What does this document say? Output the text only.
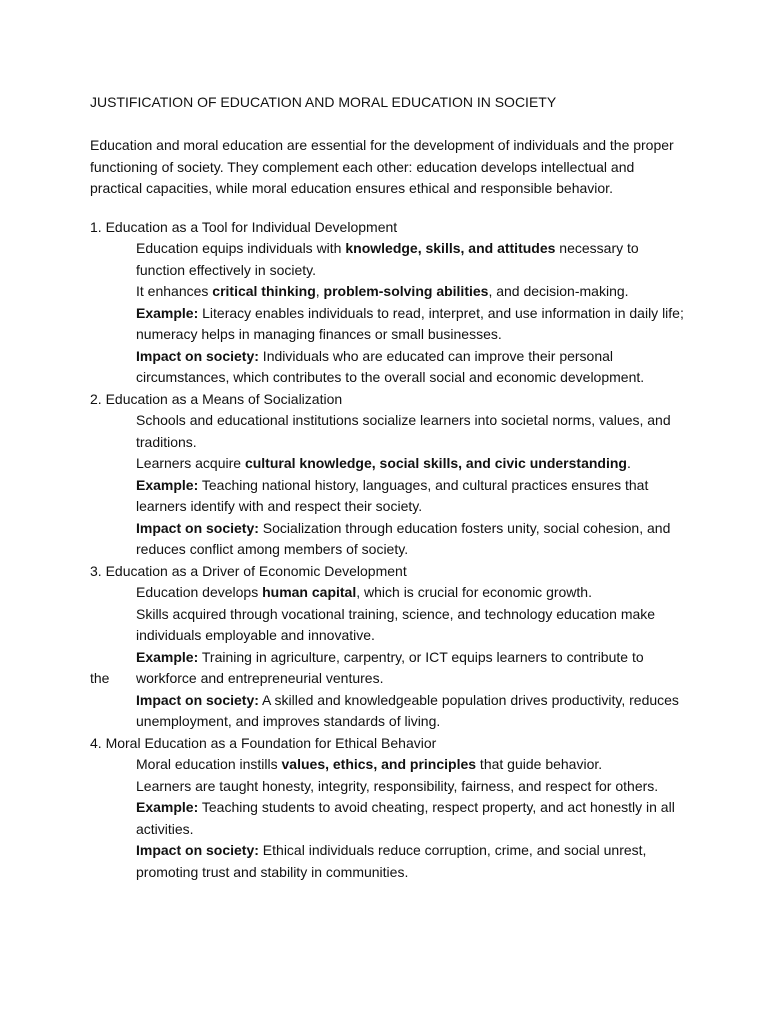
JUSTIFICATION OF EDUCATION AND MORAL EDUCATION IN SOCIETY

Education and moral education are essential for the development of individuals and the proper functioning of society. They complement each other: education develops intellectual and practical capacities, while moral education ensures ethical and responsible behavior.

1. Education as a Tool for Individual Development

Education equips individuals with knowledge, skills, and attitudes necessary to function effectively in society.

It enhances critical thinking, problem-solving abilities, and decision-making.

Example: Literacy enables individuals to read, interpret, and use information in daily life; numeracy helps in managing finances or small businesses.

Impact on society: Individuals who are educated can improve their personal circumstances, which contributes to the overall social and economic development.

2. Education as a Means of Socialization

Schools and educational institutions socialize learners into societal norms, values, and traditions.

Learners acquire cultural knowledge, social skills, and civic understanding.

Example: Teaching national history, languages, and cultural practices ensures that learners identify with and respect their society.

Impact on society: Socialization through education fosters unity, social cohesion, and reduces conflict among members of society.

3. Education as a Driver of Economic Development

Education develops human capital, which is crucial for economic growth.

Skills acquired through vocational training, science, and technology education make individuals employable and innovative.

Example: Training in agriculture, carpentry, or ICT equips learners to contribute to

the workforce and entrepreneurial ventures.

Impact on society: A skilled and knowledgeable population drives productivity, reduces unemployment, and improves standards of living.

4. Moral Education as a Foundation for Ethical Behavior

Moral education instills values, ethics, and principles that guide behavior.

Learners are taught honesty, integrity, responsibility, fairness, and respect for others.

Example: Teaching students to avoid cheating, respect property, and act honestly in all activities.

Impact on society: Ethical individuals reduce corruption, crime, and social unrest, promoting trust and stability in communities.
